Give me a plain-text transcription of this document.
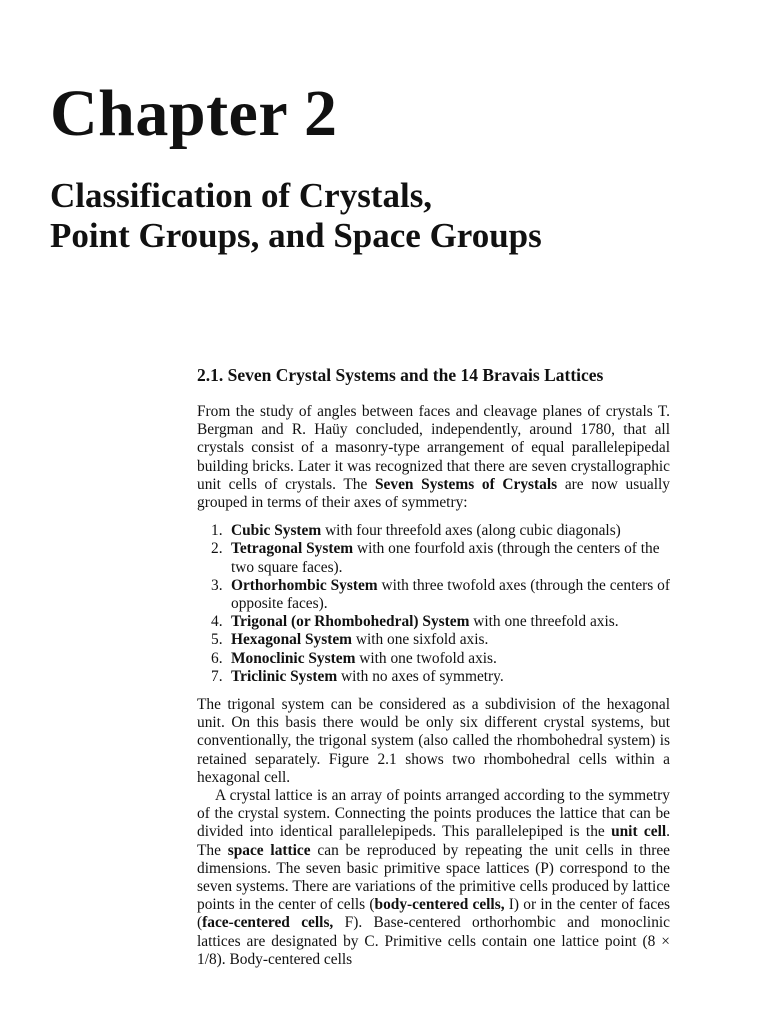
Chapter 2
Classification of Crystals,
Point Groups, and Space Groups
2.1. Seven Crystal Systems and the 14 Bravais Lattices

From the study of angles between faces and cleavage planes of crystals T. Bergman and R. Haüy concluded, independently, around 1780, that all crystals consist of a masonry-type arrangement of equal parallelepipedal building bricks. Later it was recognized that there are seven crystallographic unit cells of crystals. The Seven Systems of Crystals are now usually grouped in terms of their axes of symmetry:

1. Cubic System with four threefold axes (along cubic diagonals)
2. Tetragonal System with one fourfold axis (through the centers of the two square faces).
3. Orthorhombic System with three twofold axes (through the centers of opposite faces).
4. Trigonal (or Rhombohedral) System with one threefold axis.
5. Hexagonal System with one sixfold axis.
6. Monoclinic System with one twofold axis.
7. Triclinic System with no axes of symmetry.

The trigonal system can be considered as a subdivision of the hexagonal unit. On this basis there would be only six different crystal systems, but conventionally, the trigonal system (also called the rhombohedral system) is retained separately. Figure 2.1 shows two rhombohedral cells within a hexagonal cell.

A crystal lattice is an array of points arranged according to the symmetry of the crystal system. Connecting the points produces the lattice that can be divided into identical parallelepipeds. This parallelepiped is the unit cell. The space lattice can be reproduced by repeating the unit cells in three dimensions. The seven basic primitive space lattices (P) correspond to the seven systems. There are variations of the primitive cells produced by lattice points in the center of cells (body-centered cells, I) or in the center of faces (face-centered cells, F). Base-centered orthorhombic and monoclinic lattices are designated by C. Primitive cells contain one lattice point (8 × 1/8). Body-centered cells
